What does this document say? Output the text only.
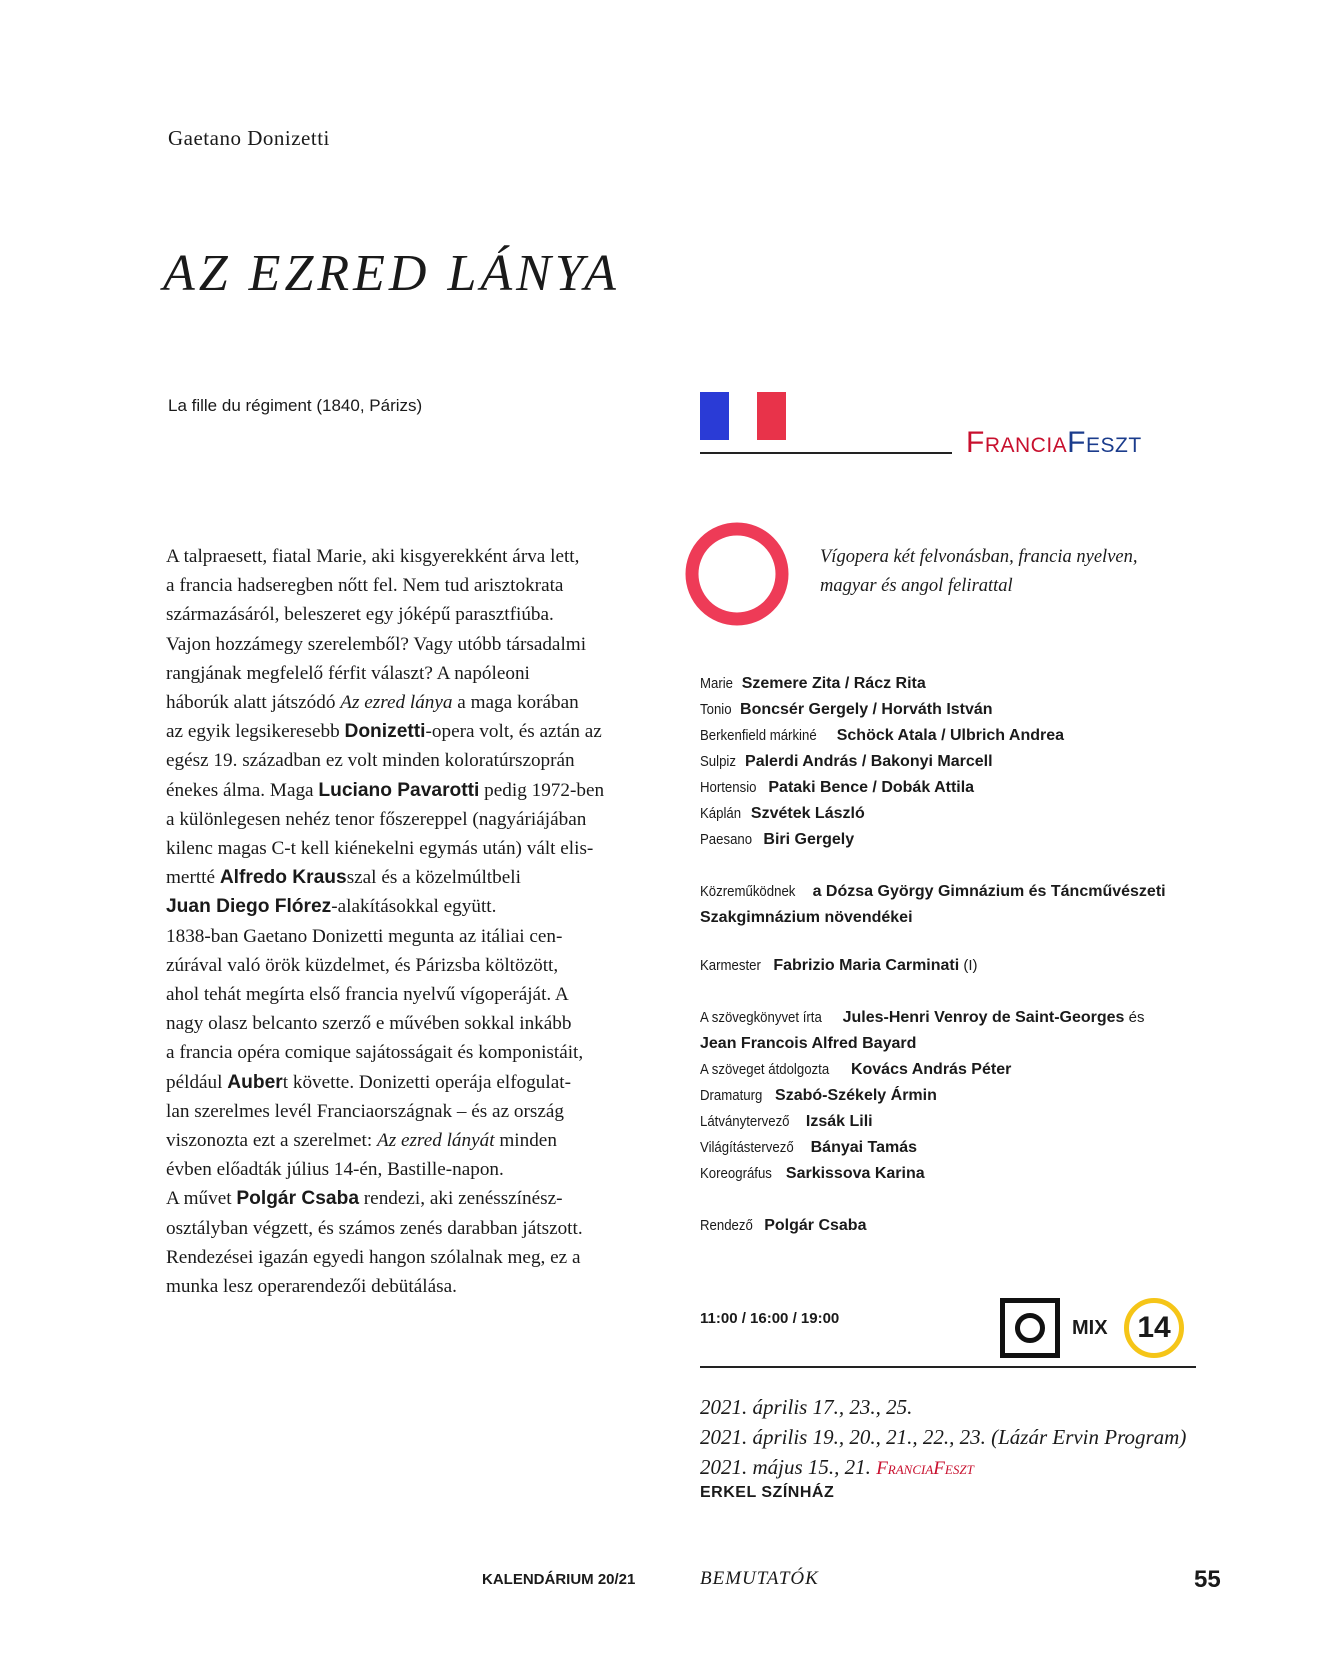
Gaetano Donizetti
AZ EZRED LÁNYA
La fille du régiment (1840, Párizs)
FranciaFeszt

A talpraesett, fiatal Marie, aki kisgyerekként árva lett,

a francia hadseregben nőtt fel. Nem tud arisztokrata

származásáról, beleszeret egy jóképű parasztfiúba.

Vajon hozzámegy szerelemből? Vagy utóbb társadalmi

rangjának megfelelő férfit választ? A napóleoni

háborúk alatt játszódó Az ezred lánya a maga korában

az egyik legsikeresebb Donizetti-opera volt, és aztán az

egész 19. században ez volt minden koloratúrszoprán

énekes álma. Maga Luciano Pavarotti pedig 1972-ben

a különlegesen nehéz tenor főszereppel (nagyáriájában

kilenc magas C-t kell kiénekelni egymás után) vált elis-

mertté Alfredo Krausszal és a közelmúltbeli

Juan Diego Flórez-alakításokkal együtt.

1838-ban Gaetano Donizetti megunta az itáliai cen-

zúrával való örök küzdelmet, és Párizsba költözött,

ahol tehát megírta első francia nyelvű vígoperáját. A

nagy olasz belcanto szerző e művében sokkal inkább

a francia opéra comique sajátosságait és komponistáit,

például Aubert követte. Donizetti operája elfogulat-

lan szerelmes levél Franciaországnak – és az ország

viszonozta ezt a szerelmet: Az ezred lányát minden

évben előadták július 14-én, Bastille-napon.

A művet Polgár Csaba rendezi, aki zenésszínész-

osztályban végzett, és számos zenés darabban játszott.

Rendezései igazán egyedi hangon szólalnak meg, ez a

munka lesz operarendezői debütálása.

Vígopera két felvonásban, francia nyelven,
magyar és angol felirattal
Marie Szemere Zita / Rácz Rita
Tonio Boncsér Gergely / Horváth István
Berkenfield márkiné Schöck Atala / Ulbrich Andrea
Sulpiz Palerdi András / Bakonyi Marcell
Hortensio Pataki Bence / Dobák Attila
Káplán Szvétek László
Paesano Biri Gergely
Közreműködnek a Dózsa György Gimnázium és Táncművészeti
Szakgimnázium növendékei
Karmester Fabrizio Maria Carminati (I)
A szövegkönyvet írta Jules-Henri Venroy de Saint-Georges és
Jean Francois Alfred Bayard
A szöveget átdolgozta Kovács András Péter
Dramaturg Szabó-Székely Ármin
Látványtervező Izsák Lili
Világítástervező Bányai Tamás
Koreográfus Sarkissova Karina
Rendező Polgár Csaba
11:00 / 16:00 / 19:00	MIX 14

2021. április 17., 23., 25.

2021. április 19., 20., 21., 22., 23. (Lázár Ervin Program)

2021. május 15., 21. FranciaFeszt

ERKEL SZÍNHÁZ
KALENDÁRIUM 20/21	BEMUTATÓK	55
